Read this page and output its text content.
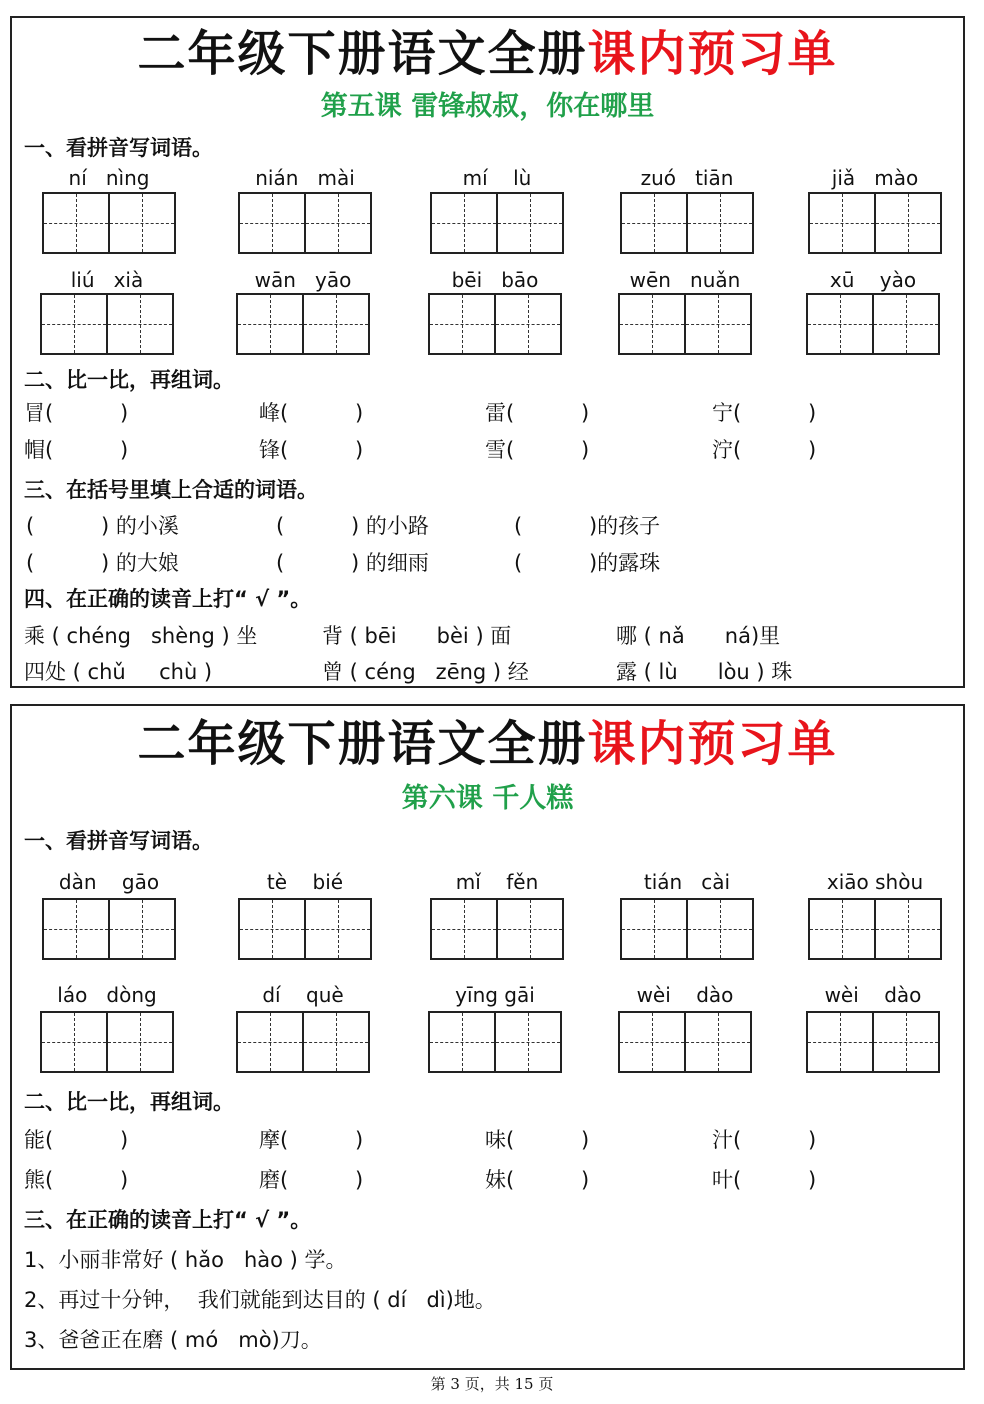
二年级下册语文全册课内预习单
第五课 雷锋叔叔，你在哪里
一、看拼音写词语。
ní   nìng	nián   mài	mí    lù	zuó   tiān	jiǎ   mào
liú   xià	wān   yāo	bēi   bāo	wēn   nuǎn	xū    yào
二、比一比，再组词。
冒(          )	峰(          )	雷(          )	宁(          )
帽(          )	锋(          )	雪(          )	泞(          )
三、在括号里填上合适的词语。
(          ) 的小溪	(          ) 的小路	(          )的孩子
(          ) 的大娘	(          ) 的细雨	(          )的露珠
四、在正确的读音上打“ √ ”。
乘 ( chéng   shèng ) 坐	背 ( bēi      bèi ) 面	哪 ( nǎ      ná)里
四处 ( chǔ     chù )	曾 ( céng   zēng ) 经	露 ( lù      lòu ) 珠
二年级下册语文全册课内预习单
第六课 千人糕
一、看拼音写词语。
dàn    gāo	tè    bié	mǐ    fěn	tián   cài	xiāo shòu
láo   dòng	dí    què	yīng gāi	wèi    dào	wèi    dào
二、比一比，再组词。
能(          )	摩(          )	味(          )	汁(          )
熊(          )	磨(          )	妹(          )	叶(          )
三、在正确的读音上打“ √ ”。
1、小丽非常好 ( hǎo   hào ) 学。
2、再过十分钟，  我们就能到达目的 ( dí   dì)地。
3、爸爸正在磨 ( mó   mò)刀。
第 3 页，共 15 页
